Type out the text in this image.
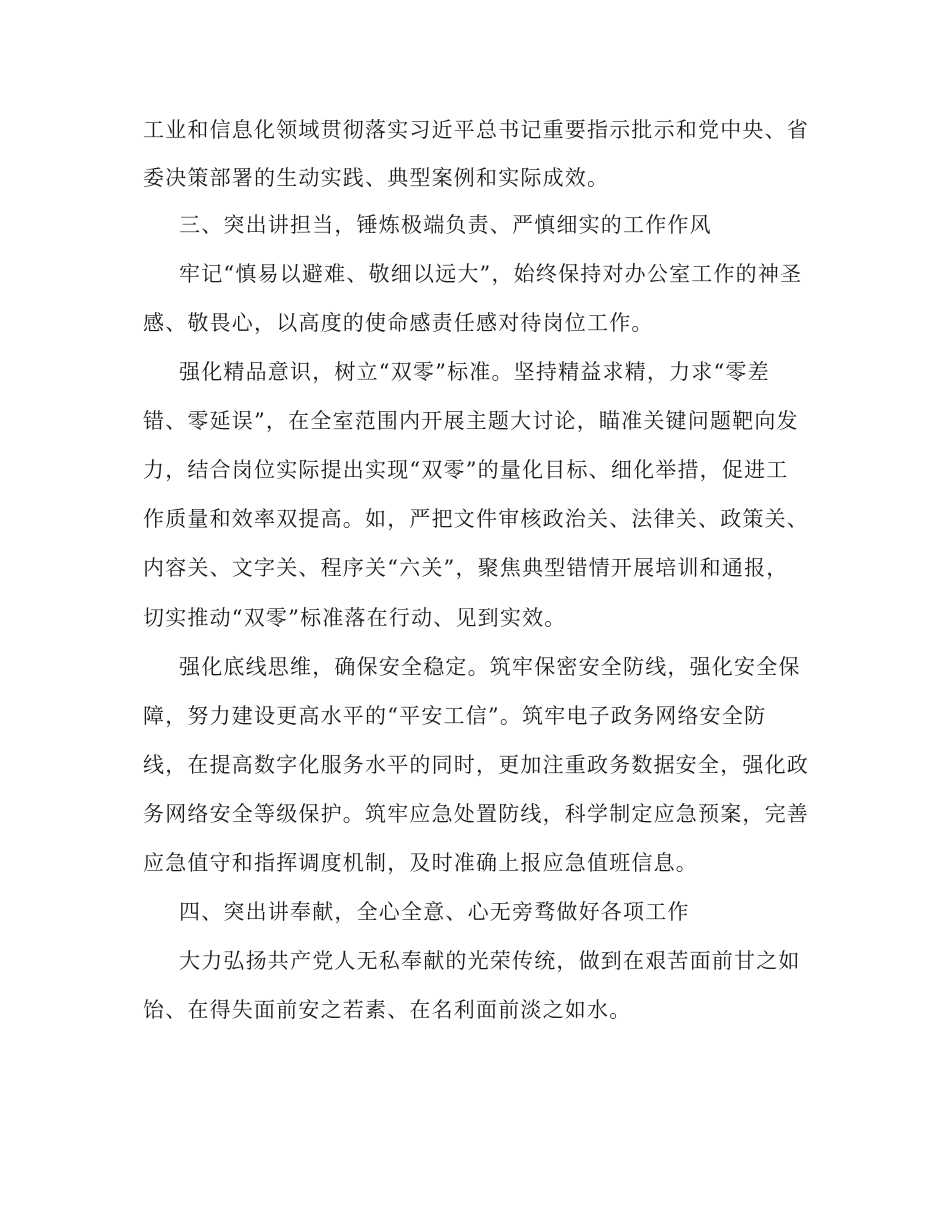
工业和信息化领域贯彻落实习近平总书记重要指示批示和党中央、省
委决策部署的生动实践、典型案例和实际成效。
三、突出讲担当，锤炼极端负责、严慎细实的工作作风
牢记“慎易以避难、敬细以远大”，始终保持对办公室工作的神圣
感、敬畏心，以高度的使命感责任感对待岗位工作。
强化精品意识，树立“双零”标准。坚持精益求精，力求“零差
错、零延误”，在全室范围内开展主题大讨论，瞄准关键问题靶向发
力，结合岗位实际提出实现“双零”的量化目标、细化举措，促进工
作质量和效率双提高。如，严把文件审核政治关、法律关、政策关、
内容关、文字关、程序关“六关”，聚焦典型错情开展培训和通报，
切实推动“双零”标准落在行动、见到实效。
强化底线思维，确保安全稳定。筑牢保密安全防线，强化安全保
障，努力建设更高水平的“平安工信”。筑牢电子政务网络安全防
线，在提高数字化服务水平的同时，更加注重政务数据安全，强化政
务网络安全等级保护。筑牢应急处置防线，科学制定应急预案，完善
应急值守和指挥调度机制，及时准确上报应急值班信息。
四、突出讲奉献，全心全意、心无旁骛做好各项工作
大力弘扬共产党人无私奉献的光荣传统，做到在艰苦面前甘之如
饴、在得失面前安之若素、在名利面前淡之如水。
